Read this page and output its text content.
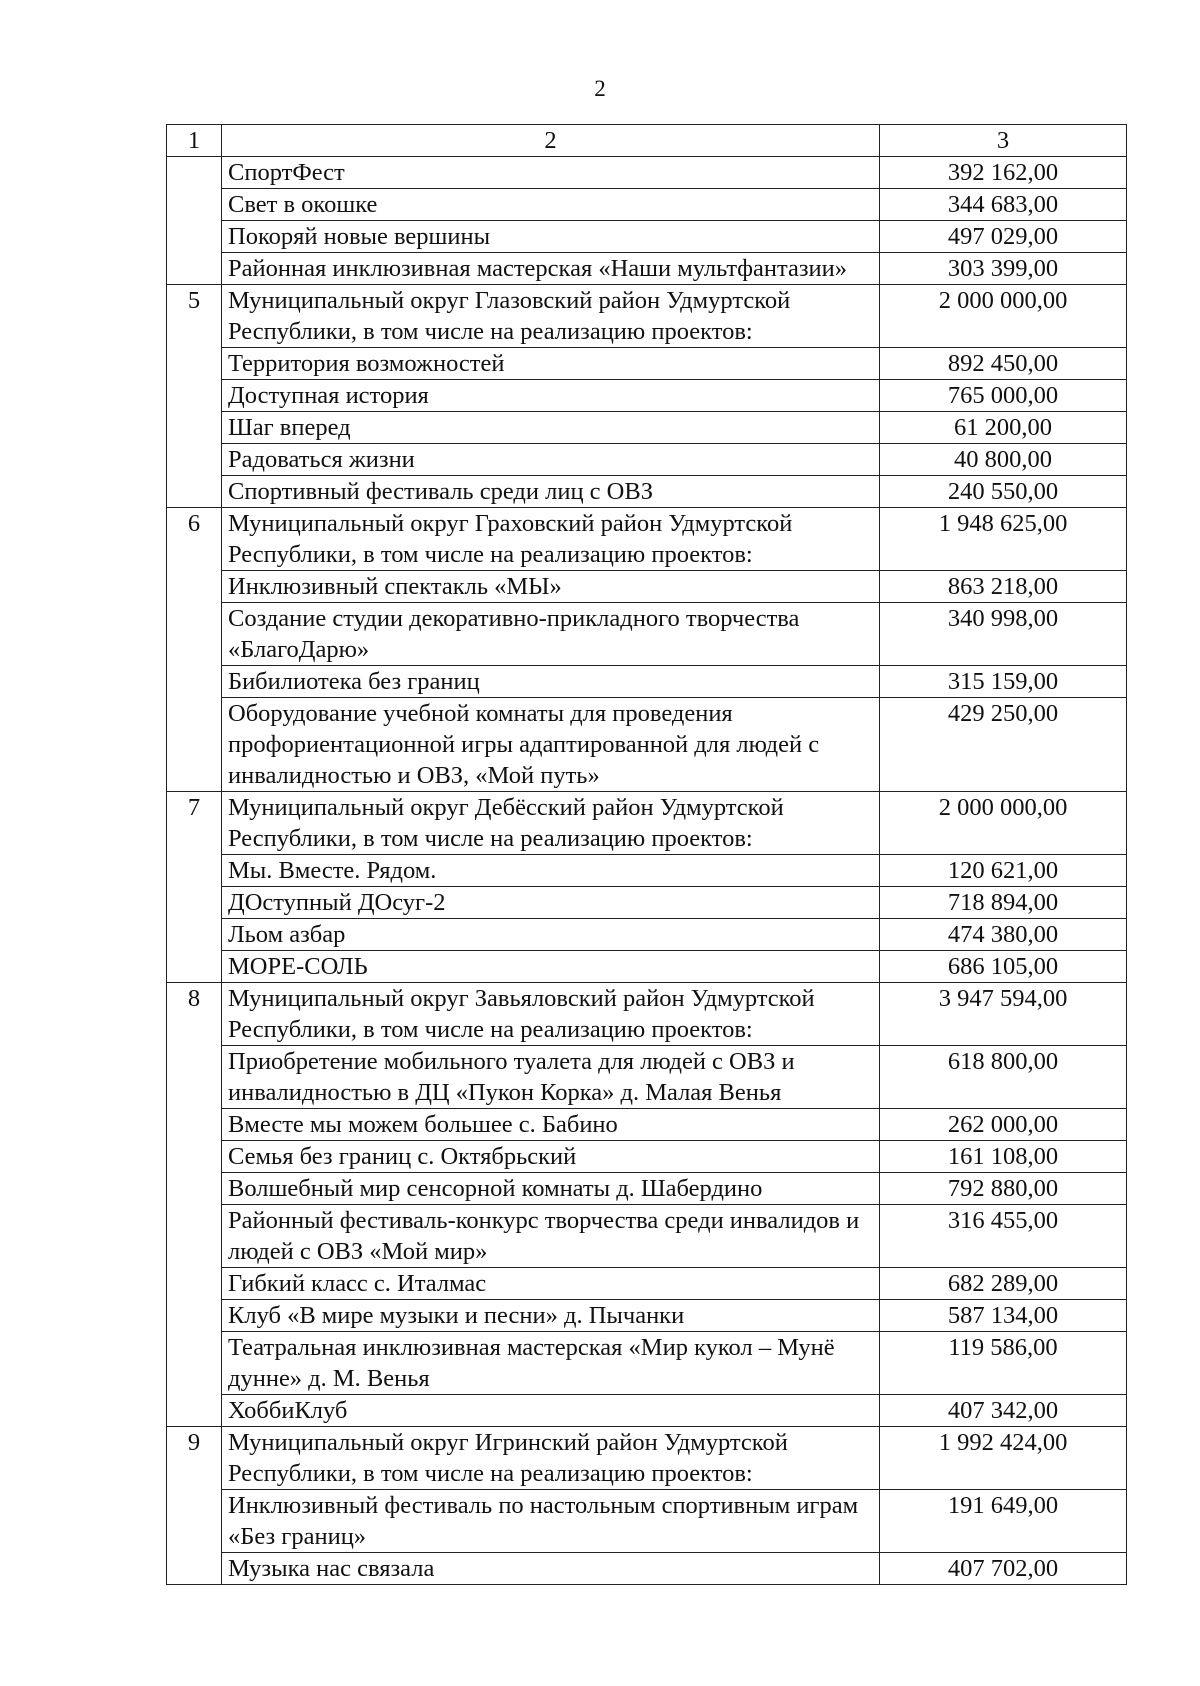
2
1	2	3
	СпортФест	392 162,00
	Свет в окошке	344 683,00
	Покоряй новые вершины	497 029,00
	Районная инклюзивная мастерская «Наши мультфантазии»	303 399,00
5	Муниципальный округ Глазовский район Удмуртской Республики, в том числе на реализацию проектов:	2 000 000,00
	Территория возможностей	892 450,00
	Доступная история	765 000,00
	Шаг вперед	61 200,00
	Радоваться жизни	40 800,00
	Спортивный фестиваль среди лиц с ОВЗ	240 550,00
6	Муниципальный округ Граховский район Удмуртской Республики, в том числе на реализацию проектов:	1 948 625,00
	Инклюзивный спектакль «МЫ»	863 218,00
	Создание студии декоративно-прикладного творчества «БлагоДарю»	340 998,00
	Бибилиотека без границ	315 159,00
	Оборудование учебной комнаты для проведения профориентационной игры адаптированной для людей с инвалидностью и ОВЗ, «Мой путь»	429 250,00
7	Муниципальный округ Дебёсский район Удмуртской Республики, в том числе на реализацию проектов:	2 000 000,00
	Мы. Вместе. Рядом.	120 621,00
	ДОступный ДОсуг-2	718 894,00
	Льом азбар	474 380,00
	МОРЕ-СОЛЬ	686 105,00
8	Муниципальный округ Завьяловский район Удмуртской Республики, в том числе на реализацию проектов:	3 947 594,00
	Приобретение мобильного туалета для людей с ОВЗ и инвалидностью в ДЦ «Пукон Корка» д. Малая Венья	618 800,00
	Вместе мы можем большее с. Бабино	262 000,00
	Семья без границ с. Октябрьский	161 108,00
	Волшебный мир сенсорной комнаты д. Шабердино	792 880,00
	Районный фестиваль-конкурс творчества среди инвалидов и людей с ОВЗ «Мой мир»	316 455,00
	Гибкий класс с. Италмас	682 289,00
	Клуб «В мире музыки и песни» д. Пычанки	587 134,00
	Театральная инклюзивная мастерская «Мир кукол – Мунё дунне» д. М. Венья	119 586,00
	ХоббиКлуб	407 342,00
9	Муниципальный округ Игринский район Удмуртской Республики, в том числе на реализацию проектов:	1 992 424,00
	Инклюзивный фестиваль по настольным спортивным играм «Без границ»	191 649,00
	Музыка нас связала	407 702,00
